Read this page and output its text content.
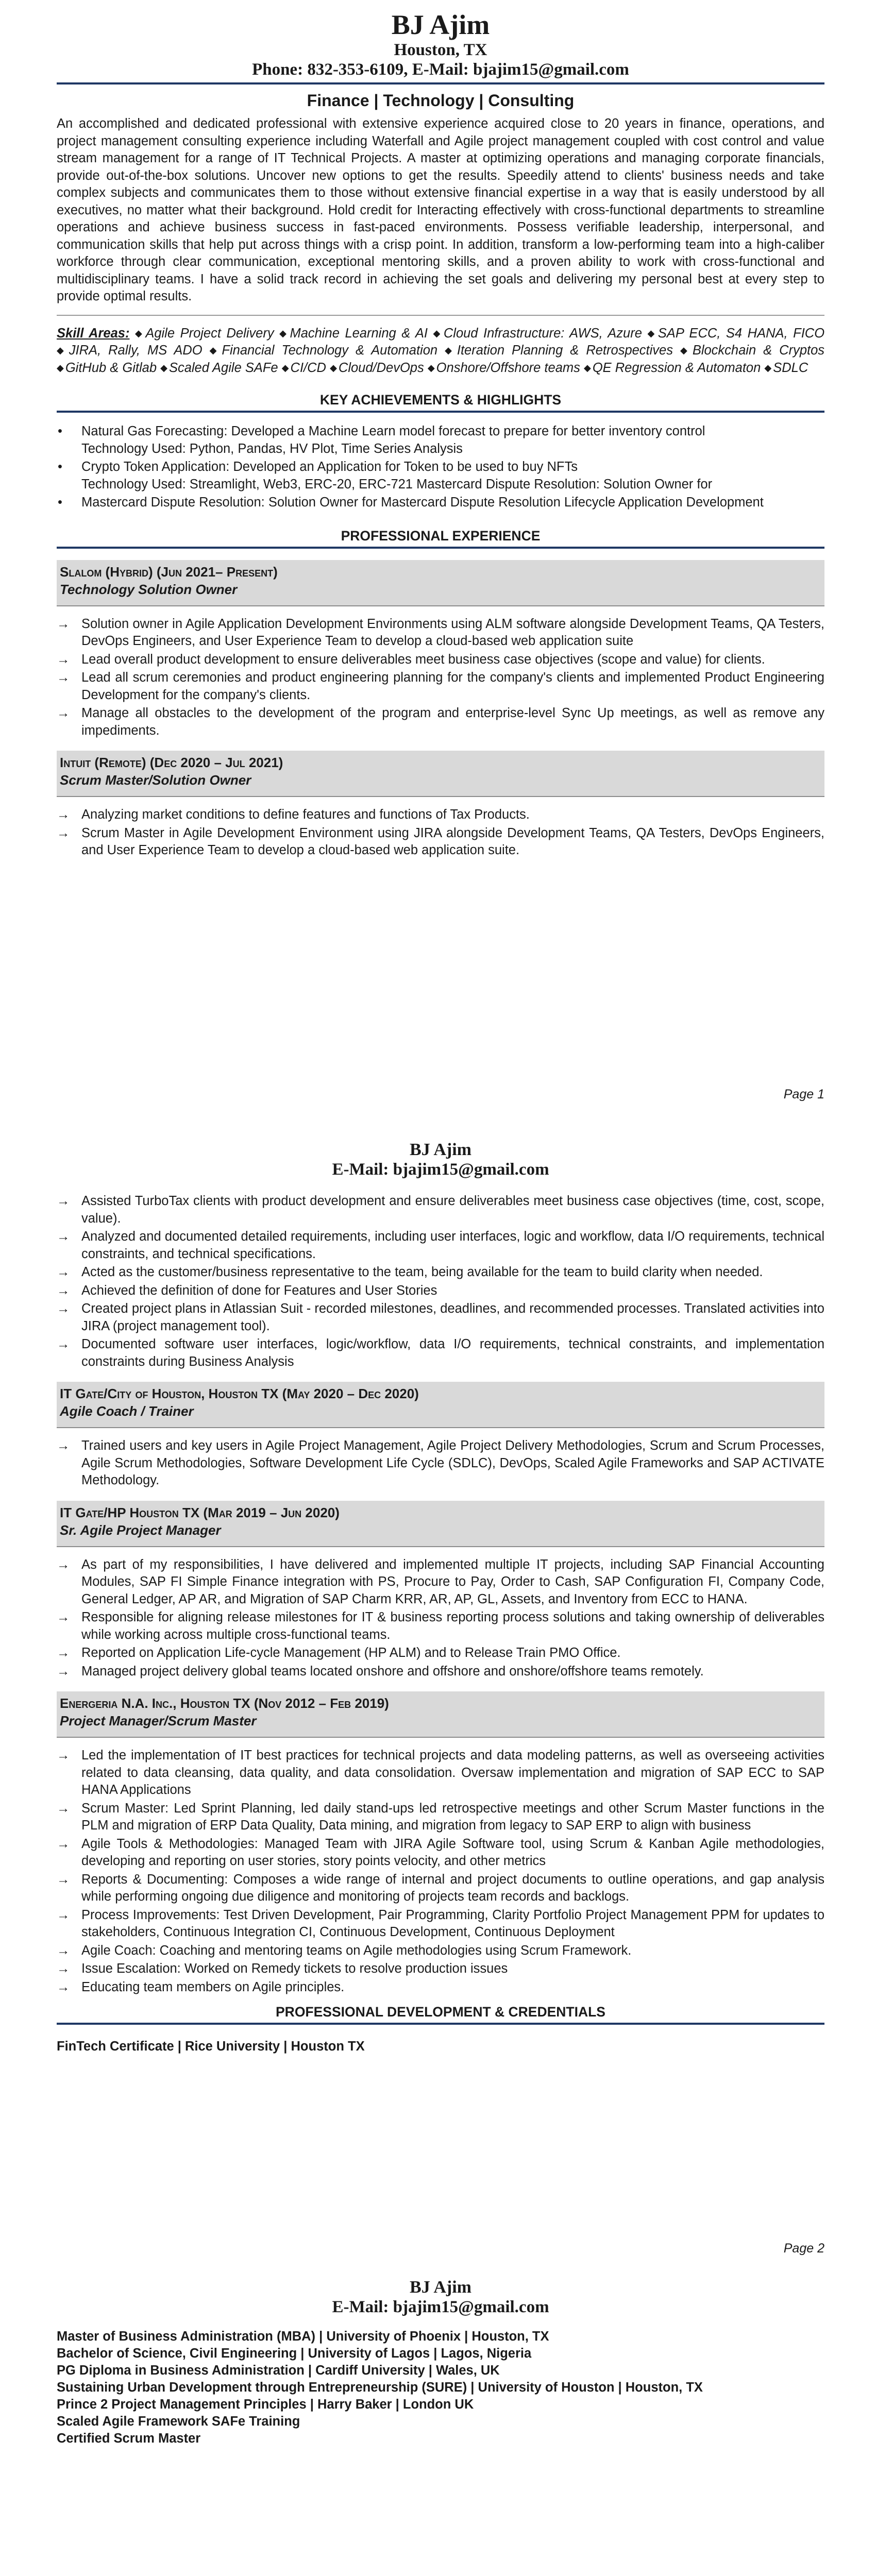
BJ Ajim

Houston, TX

Phone: 832-353-6109, E-Mail: bjajim15@gmail.com

Finance | Technology | Consulting

An accomplished and dedicated professional with extensive experience acquired close to 20 years in finance, operations, and project management consulting experience including Waterfall and Agile project management coupled with cost control and value stream management for a range of IT Technical Projects. A master at optimizing operations and managing corporate financials, provide out-of-the-box solutions. Uncover new options to get the results. Speedily attend to clients' business needs and take complex subjects and communicates them to those without extensive financial expertise in a way that is easily understood by all executives, no matter what their background. Hold credit for Interacting effectively with cross-functional departments to streamline operations and achieve business success in fast-paced environments. Possess verifiable leadership, interpersonal, and communication skills that help put across things with a crisp point. In addition, transform a low-performing team into a high-caliber workforce through clear communication, exceptional mentoring skills, and a proven ability to work with cross-functional and multidisciplinary teams. I have a solid track record in achieving the set goals and delivering my personal best at every step to provide optimal results.

Skill Areas: ◆ Agile Project Delivery ◆ Machine Learning & AI ◆ Cloud Infrastructure: AWS, Azure ◆ SAP ECC, S4 HANA, FICO ◆ JIRA, Rally, MS ADO ◆ Financial Technology & Automation ◆ Iteration Planning & Retrospectives ◆ Blockchain & Cryptos ◆ GitHub & Gitlab ◆ Scaled Agile SAFe ◆ CI/CD ◆ Cloud/DevOps ◆ Onshore/Offshore teams ◆ QE Regression & Automaton ◆ SDLC

KEY ACHIEVEMENTS & HIGHLIGHTS
• Natural Gas Forecasting: Developed a Machine Learn model forecast to prepare for better inventory control
Technology Used: Python, Pandas, HV Plot, Time Series Analysis
• Crypto Token Application: Developed an Application for Token to be used to buy NFTs
Technology Used: Streamlight, Web3, ERC-20, ERC-721 Mastercard Dispute Resolution: Solution Owner for
• Mastercard Dispute Resolution: Solution Owner for Mastercard Dispute Resolution Lifecycle Application Development
PROFESSIONAL EXPERIENCE
Slalom (Hybrid) (Jun 2021– Present)
Technology Solution Owner
→ Solution owner in Agile Application Development Environments using ALM software alongside Development Teams, QA Testers, DevOps Engineers, and User Experience Team to develop a cloud-based web application suite
→ Lead overall product development to ensure deliverables meet business case objectives (scope and value) for clients.
→ Lead all scrum ceremonies and product engineering planning for the company's clients and implemented Product Engineering Development for the company's clients.
→ Manage all obstacles to the development of the program and enterprise-level Sync Up meetings, as well as remove any impediments.
Intuit (Remote) (Dec 2020 – Jul 2021)
Scrum Master/Solution Owner
→ Analyzing market conditions to define features and functions of Tax Products.
→ Scrum Master in Agile Development Environment using JIRA alongside Development Teams, QA Testers, DevOps Engineers, and User Experience Team to develop a cloud-based web application suite.
Page 1

BJ Ajim

E-Mail: bjajim15@gmail.com

→ Assisted TurboTax clients with product development and ensure deliverables meet business case objectives (time, cost, scope, value).
→ Analyzed and documented detailed requirements, including user interfaces, logic and workflow, data I/O requirements, technical constraints, and technical specifications.
→ Acted as the customer/business representative to the team, being available for the team to build clarity when needed.
→ Achieved the definition of done for Features and User Stories
→ Created project plans in Atlassian Suit - recorded milestones, deadlines, and recommended processes. Translated activities into JIRA (project management tool).
→ Documented software user interfaces, logic/workflow, data I/O requirements, technical constraints, and implementation constraints during Business Analysis
IT Gate/City of Houston, Houston TX (May 2020 – Dec 2020)
Agile Coach / Trainer
→ Trained users and key users in Agile Project Management, Agile Project Delivery Methodologies, Scrum and Scrum Processes, Agile Scrum Methodologies, Software Development Life Cycle (SDLC), DevOps, Scaled Agile Frameworks and SAP ACTIVATE Methodology.
IT Gate/HP Houston TX (Mar 2019 – Jun 2020)
Sr. Agile Project Manager
→ As part of my responsibilities, I have delivered and implemented multiple IT projects, including SAP Financial Accounting Modules, SAP FI Simple Finance integration with PS, Procure to Pay, Order to Cash, SAP Configuration FI, Company Code, General Ledger, AP AR, and Migration of SAP Charm KRR, AR, AP, GL, Assets, and Inventory from ECC to HANA.
→ Responsible for aligning release milestones for IT & business reporting process solutions and taking ownership of deliverables while working across multiple cross-functional teams.
→ Reported on Application Life-cycle Management (HP ALM) and to Release Train PMO Office.
→ Managed project delivery global teams located onshore and offshore and onshore/offshore teams remotely.
Energeria N.A. Inc., Houston TX (Nov 2012 – Feb 2019)
Project Manager/Scrum Master
→ Led the implementation of IT best practices for technical projects and data modeling patterns, as well as overseeing activities related to data cleansing, data quality, and data consolidation. Oversaw implementation and migration of SAP ECC to SAP HANA Applications
→ Scrum Master: Led Sprint Planning, led daily stand-ups led retrospective meetings and other Scrum Master functions in the PLM and migration of ERP Data Quality, Data mining, and migration from legacy to SAP ERP to align with business
→ Agile Tools & Methodologies: Managed Team with JIRA Agile Software tool, using Scrum & Kanban Agile methodologies, developing and reporting on user stories, story points velocity, and other metrics
→ Reports & Documenting: Composes a wide range of internal and project documents to outline operations, and gap analysis while performing ongoing due diligence and monitoring of projects team records and backlogs.
→ Process Improvements: Test Driven Development, Pair Programming, Clarity Portfolio Project Management PPM for updates to stakeholders, Continuous Integration CI, Continuous Development, Continuous Deployment
→ Agile Coach: Coaching and mentoring teams on Agile methodologies using Scrum Framework.
→ Issue Escalation: Worked on Remedy tickets to resolve production issues
→ Educating team members on Agile principles.
PROFESSIONAL DEVELOPMENT & CREDENTIALS

FinTech Certificate | Rice University | Houston TX

Page 2

BJ Ajim

E-Mail: bjajim15@gmail.com

Master of Business Administration (MBA) | University of Phoenix | Houston, TX

Bachelor of Science, Civil Engineering | University of Lagos | Lagos, Nigeria

PG Diploma in Business Administration | Cardiff University | Wales, UK

Sustaining Urban Development through Entrepreneurship (SURE) | University of Houston | Houston, TX

Prince 2 Project Management Principles | Harry Baker | London UK

Scaled Agile Framework SAFe Training

Certified Scrum Master
